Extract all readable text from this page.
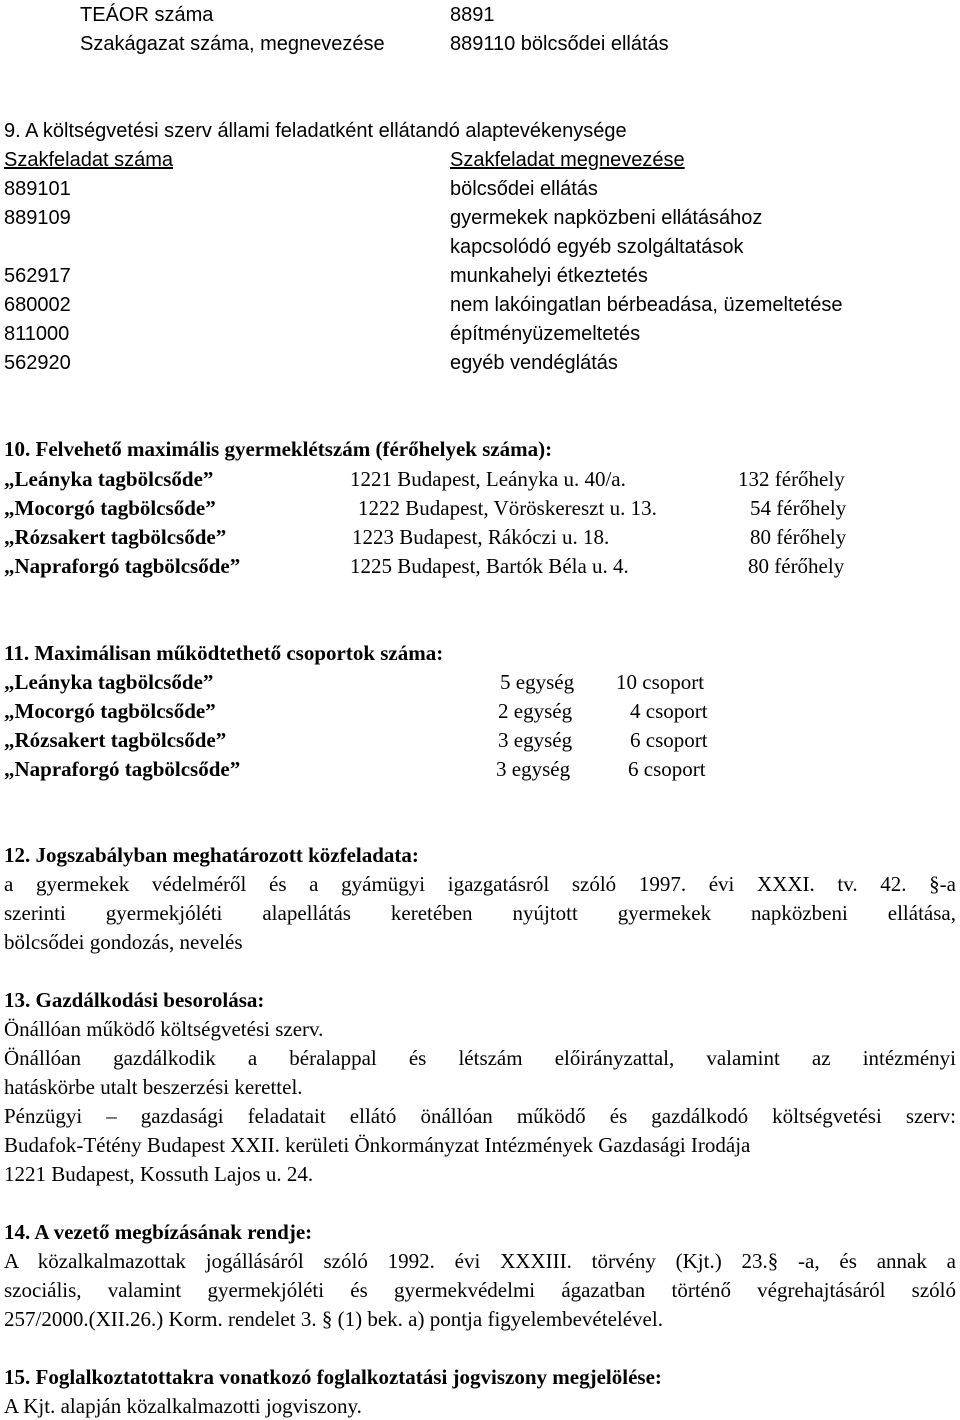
TEÁOR száma	8891
Szakágazat száma, megnevezése	889110 bölcsődei ellátás
9. A költségvetési szerv állami feladatként ellátandó alaptevékenysége
Szakfeladat száma	Szakfeladat megnevezése
889101	bölcsődei ellátás
889109	gyermekek napközbeni ellátásához
kapcsolódó egyéb szolgáltatások
562917	munkahelyi étkeztetés
680002	nem lakóingatlan bérbeadása, üzemeltetése
811000	építményüzemeltetés
562920	egyéb vendéglátás
10. Felvehető maximális gyermeklétszám (férőhelyek száma):
„Leányka tagbölcsőde”	1221 Budapest, Leányka u. 40/a.	132 férőhely
„Mocorgó tagbölcsőde”	1222 Budapest, Vöröskereszt u. 13.	54 férőhely
„Rózsakert tagbölcsőde”	1223 Budapest, Rákóczi u. 18.	80 férőhely
„Napraforgó tagbölcsőde”	1225 Budapest, Bartók Béla u. 4.	80 férőhely
11. Maximálisan működtethető csoportok száma:
„Leányka tagbölcsőde”	5 egység 10 csoport
„Mocorgó tagbölcsőde”	2 egység	4 csoport
„Rózsakert tagbölcsőde”	3 egység	6 csoport
„Napraforgó tagbölcsőde”	3 egység	6 csoport
12. Jogszabályban meghatározott közfeladata:
a gyermekek védelméről és a gyámügyi igazgatásról szóló 1997. évi XXXI. tv. 42. §-a
szerinti gyermekjóléti alapellátás keretében nyújtott gyermekek napközbeni ellátása,
bölcsődei gondozás, nevelés
13. Gazdálkodási besorolása:
Önállóan működő költségvetési szerv.
Önállóan gazdálkodik a béralappal és létszám előirányzattal, valamint az intézményi
hatáskörbe utalt beszerzési kerettel.
Pénzügyi – gazdasági feladatait ellátó önállóan működő és gazdálkodó költségvetési szerv:
Budafok-Tétény Budapest XXII. kerületi Önkormányzat Intézmények Gazdasági Irodája
1221 Budapest, Kossuth Lajos u. 24.
14. A vezető megbízásának rendje:
A közalkalmazottak jogállásáról szóló 1992. évi XXXIII. törvény (Kjt.) 23.§ -a, és annak a
szociális, valamint gyermekjóléti és gyermekvédelmi ágazatban történő végrehajtásáról szóló
257/2000.(XII.26.) Korm. rendelet 3. § (1) bek. a) pontja figyelembevételével.
15. Foglalkoztatottakra vonatkozó foglalkoztatási jogviszony megjelölése:
A Kjt. alapján közalkalmazotti jogviszony.
